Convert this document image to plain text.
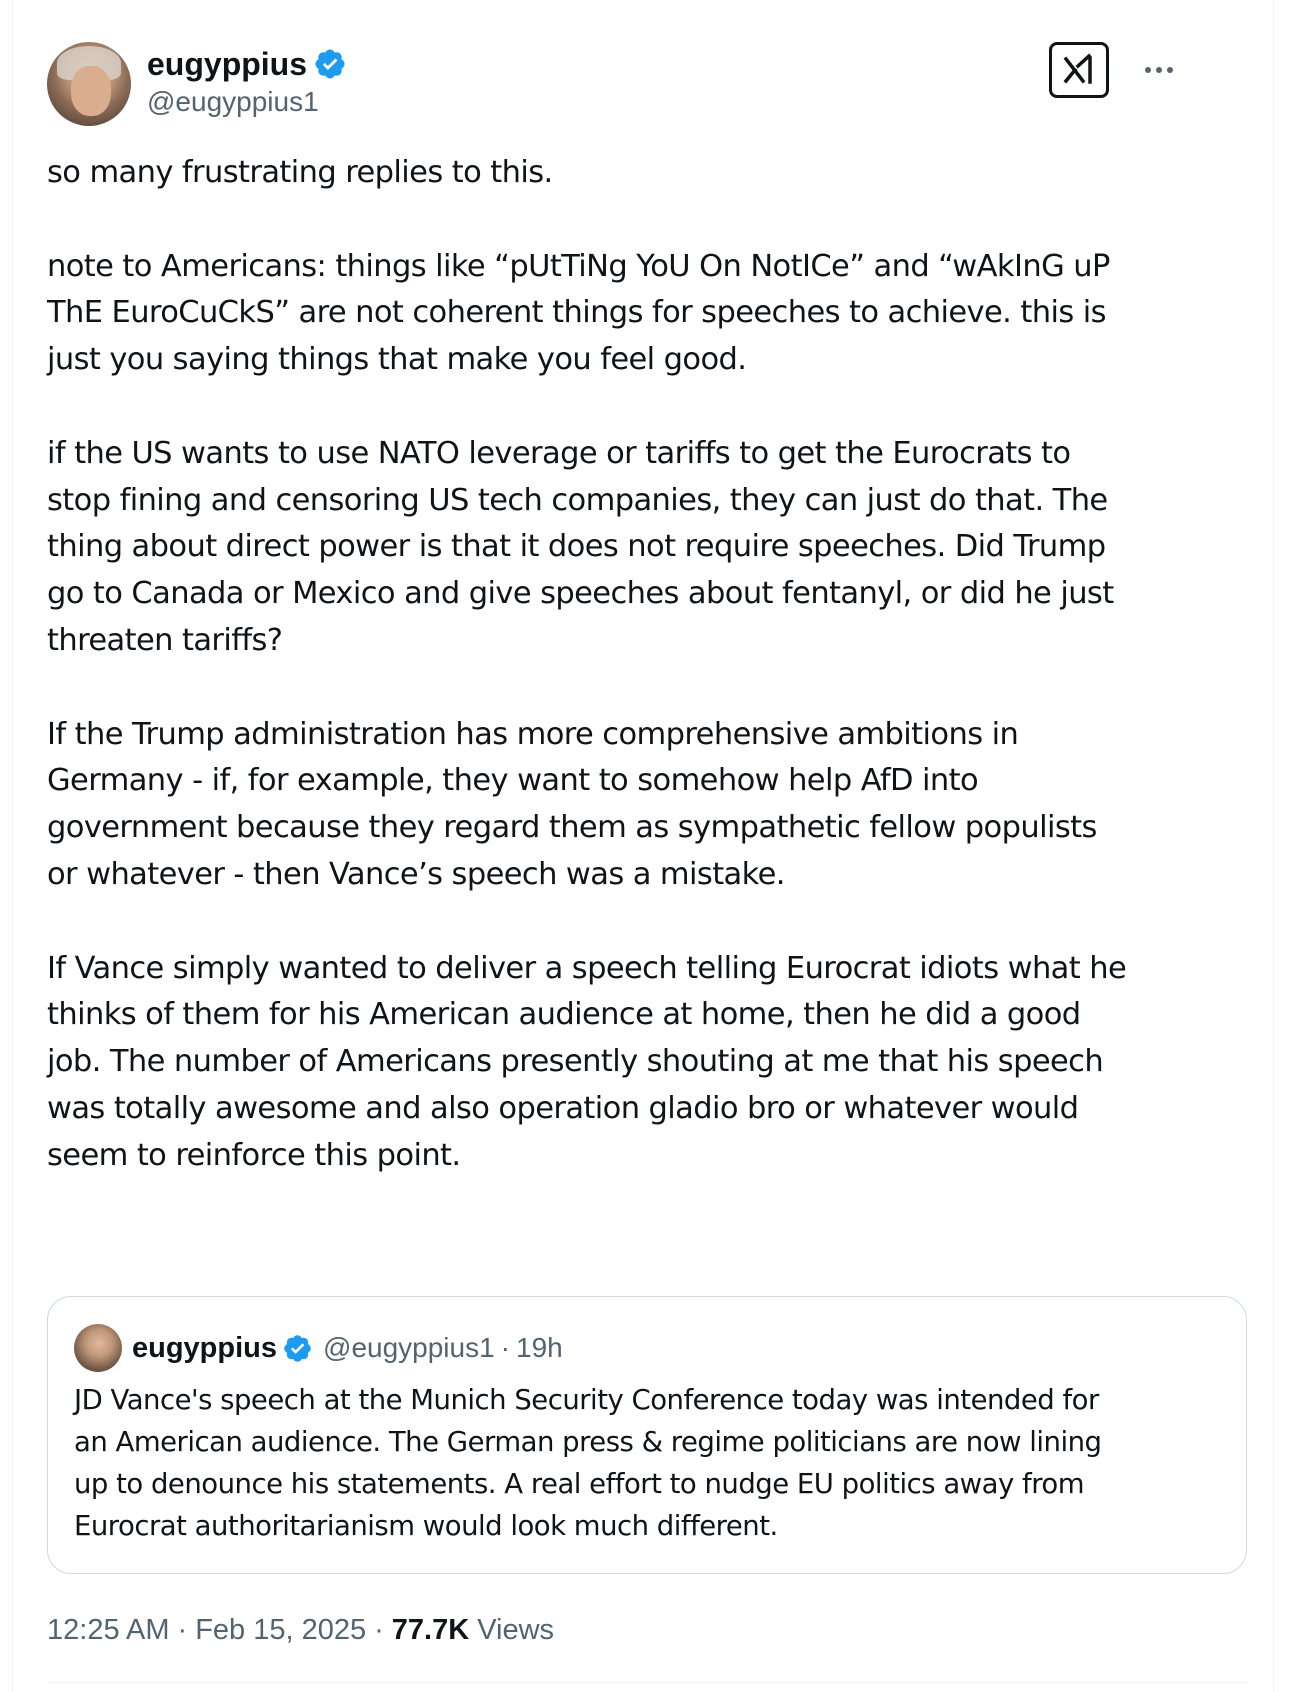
eugyppius
@eugyppius1

so many frustrating replies to this.

note to Americans: things like “pUtTiNg YoU On NotICe” and “wAkInG uP
ThE EuroCuCkS” are not coherent things for speeches to achieve. this is
just you saying things that make you feel good.

if the US wants to use NATO leverage or tariffs to get the Eurocrats to
stop fining and censoring US tech companies, they can just do that. The
thing about direct power is that it does not require speeches. Did Trump
go to Canada or Mexico and give speeches about fentanyl, or did he just
threaten tariffs?

If the Trump administration has more comprehensive ambitions in
Germany - if, for example, they want to somehow help AfD into
government because they regard them as sympathetic fellow populists
or whatever - then Vance’s speech was a mistake.

If Vance simply wanted to deliver a speech telling Eurocrat idiots what he
thinks of them for his American audience at home, then he did a good
job. The number of Americans presently shouting at me that his speech
was totally awesome and also operation gladio bro or whatever would
seem to reinforce this point.

eugyppius @eugyppius1 · 19h
JD Vance's speech at the Munich Security Conference today was intended for
an American audience. The German press & regime politicians are now lining
up to denounce his statements. A real effort to nudge EU politics away from
Eurocrat authoritarianism would look much different.
12:25 AM · Feb 15, 2025 · 77.7K Views
